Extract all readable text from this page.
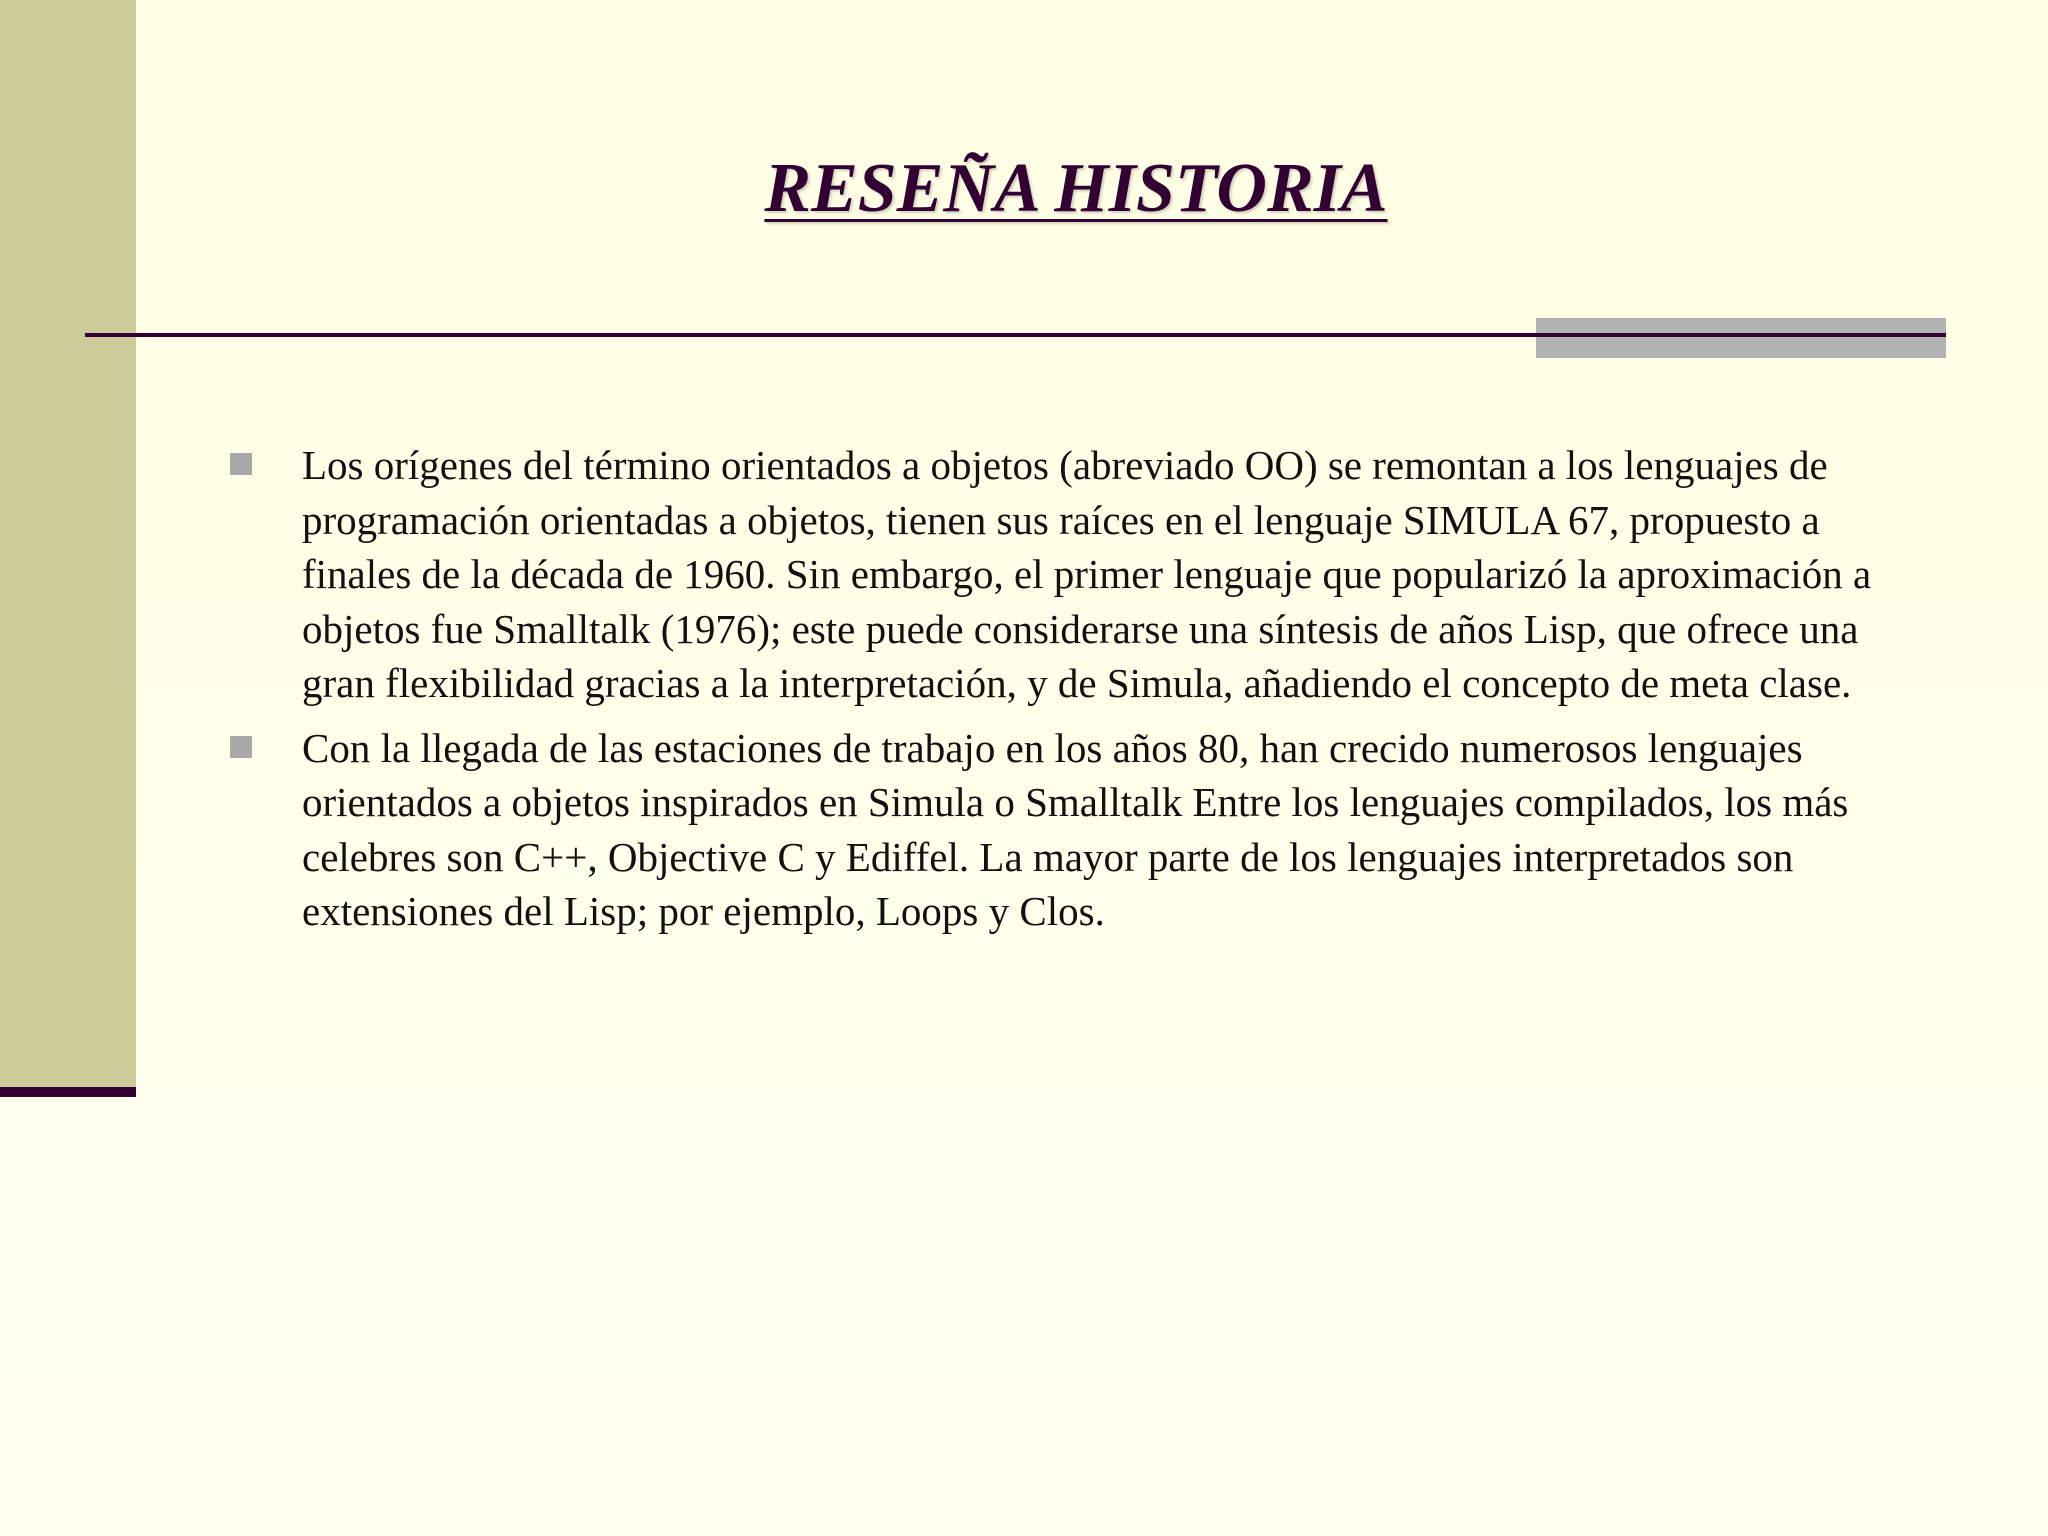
RESEÑA HISTORIA
Los orígenes del término orientados a objetos (abreviado OO) se remontan a los lenguajes de programación orientadas a objetos, tienen sus raíces en el lenguaje SIMULA 67, propuesto a finales de la década de 1960. Sin embargo, el primer lenguaje que popularizó la aproximación a objetos fue Smalltalk (1976); este puede considerarse una síntesis de años Lisp, que ofrece una gran flexibilidad gracias a la interpretación, y de Simula, añadiendo el concepto de meta clase.
Con la llegada de las estaciones de trabajo en los años 80, han crecido numerosos lenguajes orientados a objetos inspirados en Simula o Smalltalk Entre los lenguajes compilados, los más celebres son C++, Objective C y Ediffel. La mayor parte de los lenguajes interpretados son extensiones del Lisp; por ejemplo, Loops y Clos.
